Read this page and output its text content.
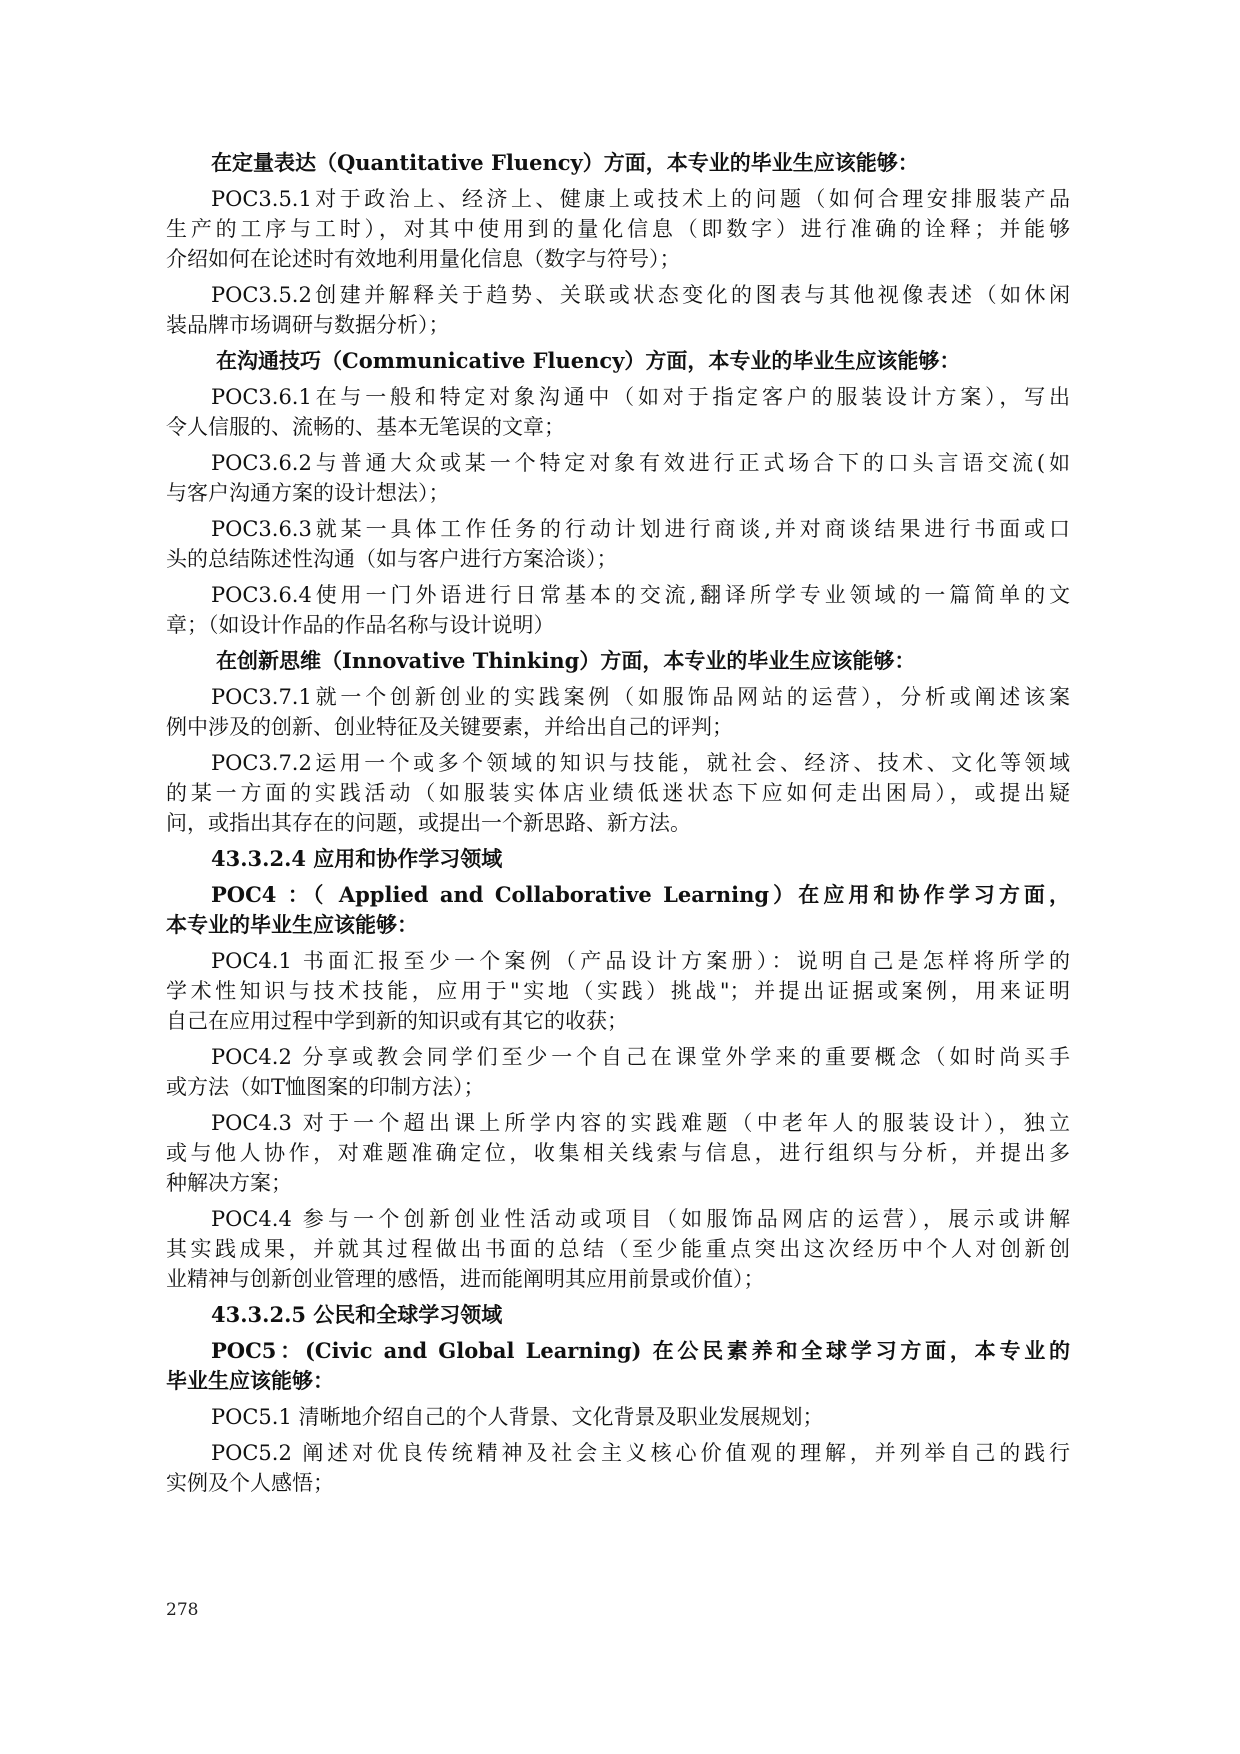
在定量表达（Quantitative Fluency）方面，本专业的毕业生应该能够：
POC3.5.1对于政治上、经济上、健康上或技术上的问题（如何合理安排服装产品
生产的工序与工时），对其中使用到的量化信息（即数字）进行准确的诠释；并能够
介绍如何在论述时有效地利用量化信息（数字与符号）；
POC3.5.2创建并解释关于趋势、关联或状态变化的图表与其他视像表述（如休闲
装品牌市场调研与数据分析）；
在沟通技巧（Communicative Fluency）方面，本专业的毕业生应该能够：
POC3.6.1在与一般和特定对象沟通中（如对于指定客户的服装设计方案），写出
令人信服的、流畅的、基本无笔误的文章；
POC3.6.2与普通大众或某一个特定对象有效进行正式场合下的口头言语交流(如
与客户沟通方案的设计想法）；
POC3.6.3就某一具体工作任务的行动计划进行商谈,并对商谈结果进行书面或口
头的总结陈述性沟通（如与客户进行方案洽谈）；
POC3.6.4使用一门外语进行日常基本的交流,翻译所学专业领域的一篇简单的文
章；（如设计作品的作品名称与设计说明）
在创新思维（Innovative Thinking）方面，本专业的毕业生应该能够：
POC3.7.1就一个创新创业的实践案例（如服饰品网站的运营），分析或阐述该案
例中涉及的创新、创业特征及关键要素，并给出自己的评判；
POC3.7.2运用一个或多个领域的知识与技能，就社会、经济、技术、文化等领域
的某一方面的实践活动（如服装实体店业绩低迷状态下应如何走出困局），或提出疑
问，或指出其存在的问题，或提出一个新思路、新方法。
43.3.2.4 应用和协作学习领域
POC4 ：（ Applied and Collaborative Learning）在应用和协作学习方面，
本专业的毕业生应该能够：
POC4.1 书面汇报至少一个案例（产品设计方案册）：说明自己是怎样将所学的
学术性知识与技术技能，应用于"实地（实践）挑战"；并提出证据或案例，用来证明
自己在应用过程中学到新的知识或有其它的收获；
POC4.2 分享或教会同学们至少一个自己在课堂外学来的重要概念（如时尚买手
或方法（如T恤图案的印制方法）；
POC4.3 对于一个超出课上所学内容的实践难题（中老年人的服装设计），独立
或与他人协作，对难题准确定位，收集相关线索与信息，进行组织与分析，并提出多
种解决方案；
POC4.4 参与一个创新创业性活动或项目（如服饰品网店的运营），展示或讲解
其实践成果，并就其过程做出书面的总结（至少能重点突出这次经历中个人对创新创
业精神与创新创业管理的感悟，进而能阐明其应用前景或价值）；
43.3.2.5 公民和全球学习领域
POC5：(Civic and Global Learning) 在公民素养和全球学习方面，本专业的
毕业生应该能够：
POC5.1 清晰地介绍自己的个人背景、文化背景及职业发展规划；
POC5.2 阐述对优良传统精神及社会主义核心价值观的理解，并列举自己的践行
实例及个人感悟；
278
